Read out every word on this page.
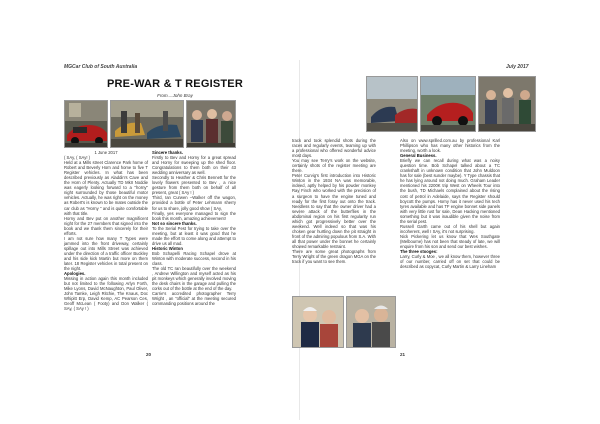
MGCar Club of South Australia
PRE-WAR & T REGISTER
From....John Bray

1 June 2017

( SAy, ( SAy! )

Held at a Mills street Clarence Park home of Robert and Beverly Horn and home to five T Register vehicles. In what has been described previously as Aladdin's Cave and the Horn of Plenty. Actually TD MkII Noddie was eagerly looking forward to a "horny" night surrounded by those beautiful motor vehicles. Actually, he was right on the money as Robert's is known to be mates outside the car club as "Horny " and is quite comfortable with that title.

Horny and Bev put on another magnificent night for the 27 members that signed into the book and we thank them sincerely for their efforts.

I am not sure how many T Types were jammed into the front driveway, certainly spillage out into Mills Street was achieved under the direction of a traffic officer Buckley and his side kick Martin but more on them later. 18 Register vehicles in total present on the night.

Apologies.

Missing in action again this month included but not limited to the following Arlyn Forth, Mike Lyons, David McNaughton, Paul Oliver, John Tamke, Leigh Ritchie, The Knaus, Doc Whipitt Erp, David Kemp, AC Pearson Ces, Geoff McLean ( Footy) and Don Walker ( SAy, ( SAy ! )

Sincere thanks.

Firstly to Bev and Horny for a great spread and Horny for sweeping up the shed floor. Congratulations to them both on their 43 wedding anniversary as well.

Secondly to Heather & Chris Bennett for the lovely flowers presented to Bev , a nice gesture from them both on behalf of all present, great ( SAy ! )

Third, Ian Curwen –Walker off the wagon, provided a bottle of Peter Lehmann sherry for us to share, jolly good show ( SAy,

Finally, yes everyone managed to sign the book this month, amazing achievement!

Not so sincere thanks.

To the Serial Pest for trying to take over the meeting, but at least it was good that he made the effort to come along and attempt to drive us all mad.

Historic Winton

Bob Schapelli Racing Schapel drove at Winton with moderate success, second in his class.

The old TC ran beautifully over the weekend , Andrew Willington and myself acted as his pit monkeys which generally involved moving the desk chairs in the garage and pulling the corks out of the bottle at the end of the day.

Carrie's accredited photographer Terry Wright , an "official" at the meeting secured commanding positions around the

20
July 2017

track and took splendid shots during the races and regularly events, teaming up with a professional who offered wonderful advice most days.

You may see Terry's work on the website, certainly shots of the register meeting are there.

Peter Curvig's first introduction into Historic Winton in the 1934 NA was memorable, indeed, aptly helped by his powder monkey Ray Finch who worked with the precision of a surgeon to have the engine tuned and ready for the first foray out onto the track. Needless to say that the owner driver had a severe attack of the butterflies in the abdominal region on his first regularity run which got progressively better over the weekend. Well indeed so that was his chosen gear hurtling down the pit straight in front of the admiring populous from S.A. With all that power under the bonnet he certainly showed remarkable restraint.

There are some great photographs from Terry Wright of the green dragon MGA on the track if you want to see them.

Also on www.sprilled.com.au by professional Karl Phillipson who has many other historics from the meeting, worth a look.

General Business.

Briefly we can recall during what was a noisy question time. Bob Schapel talked about a TC crankshaft in unknown condition that John Muldoon has for sale (best sunder maybe). Y Type chassis that he has lying around not doing much. Graham Leader mentioned his 2200K trip West on Wheels Tour into the bush, TD Michaels complained about the rising cost of petrol in Adelaide, says the Register should boycott the pumps. Horny has it never used his tech tyres available and has TF engine bonnet side panels with very little rust for sale, Dean Hacking mentioned something but it was inaudible given the noise from the serial pest.

Russell Garth came out of his shell but again incoherent, well I SAy, it's not surprising.

Nick Pickering let us know that Wes Southgate (Melbourne) has not been that steady of late, we will enquire from his son and send our best wishes.

The three stooges:

Larry, Curly & Moe , we all know them, however three of our number, carried off on set that could be described as copycat, Curly Martin & Larry Lineham

21
